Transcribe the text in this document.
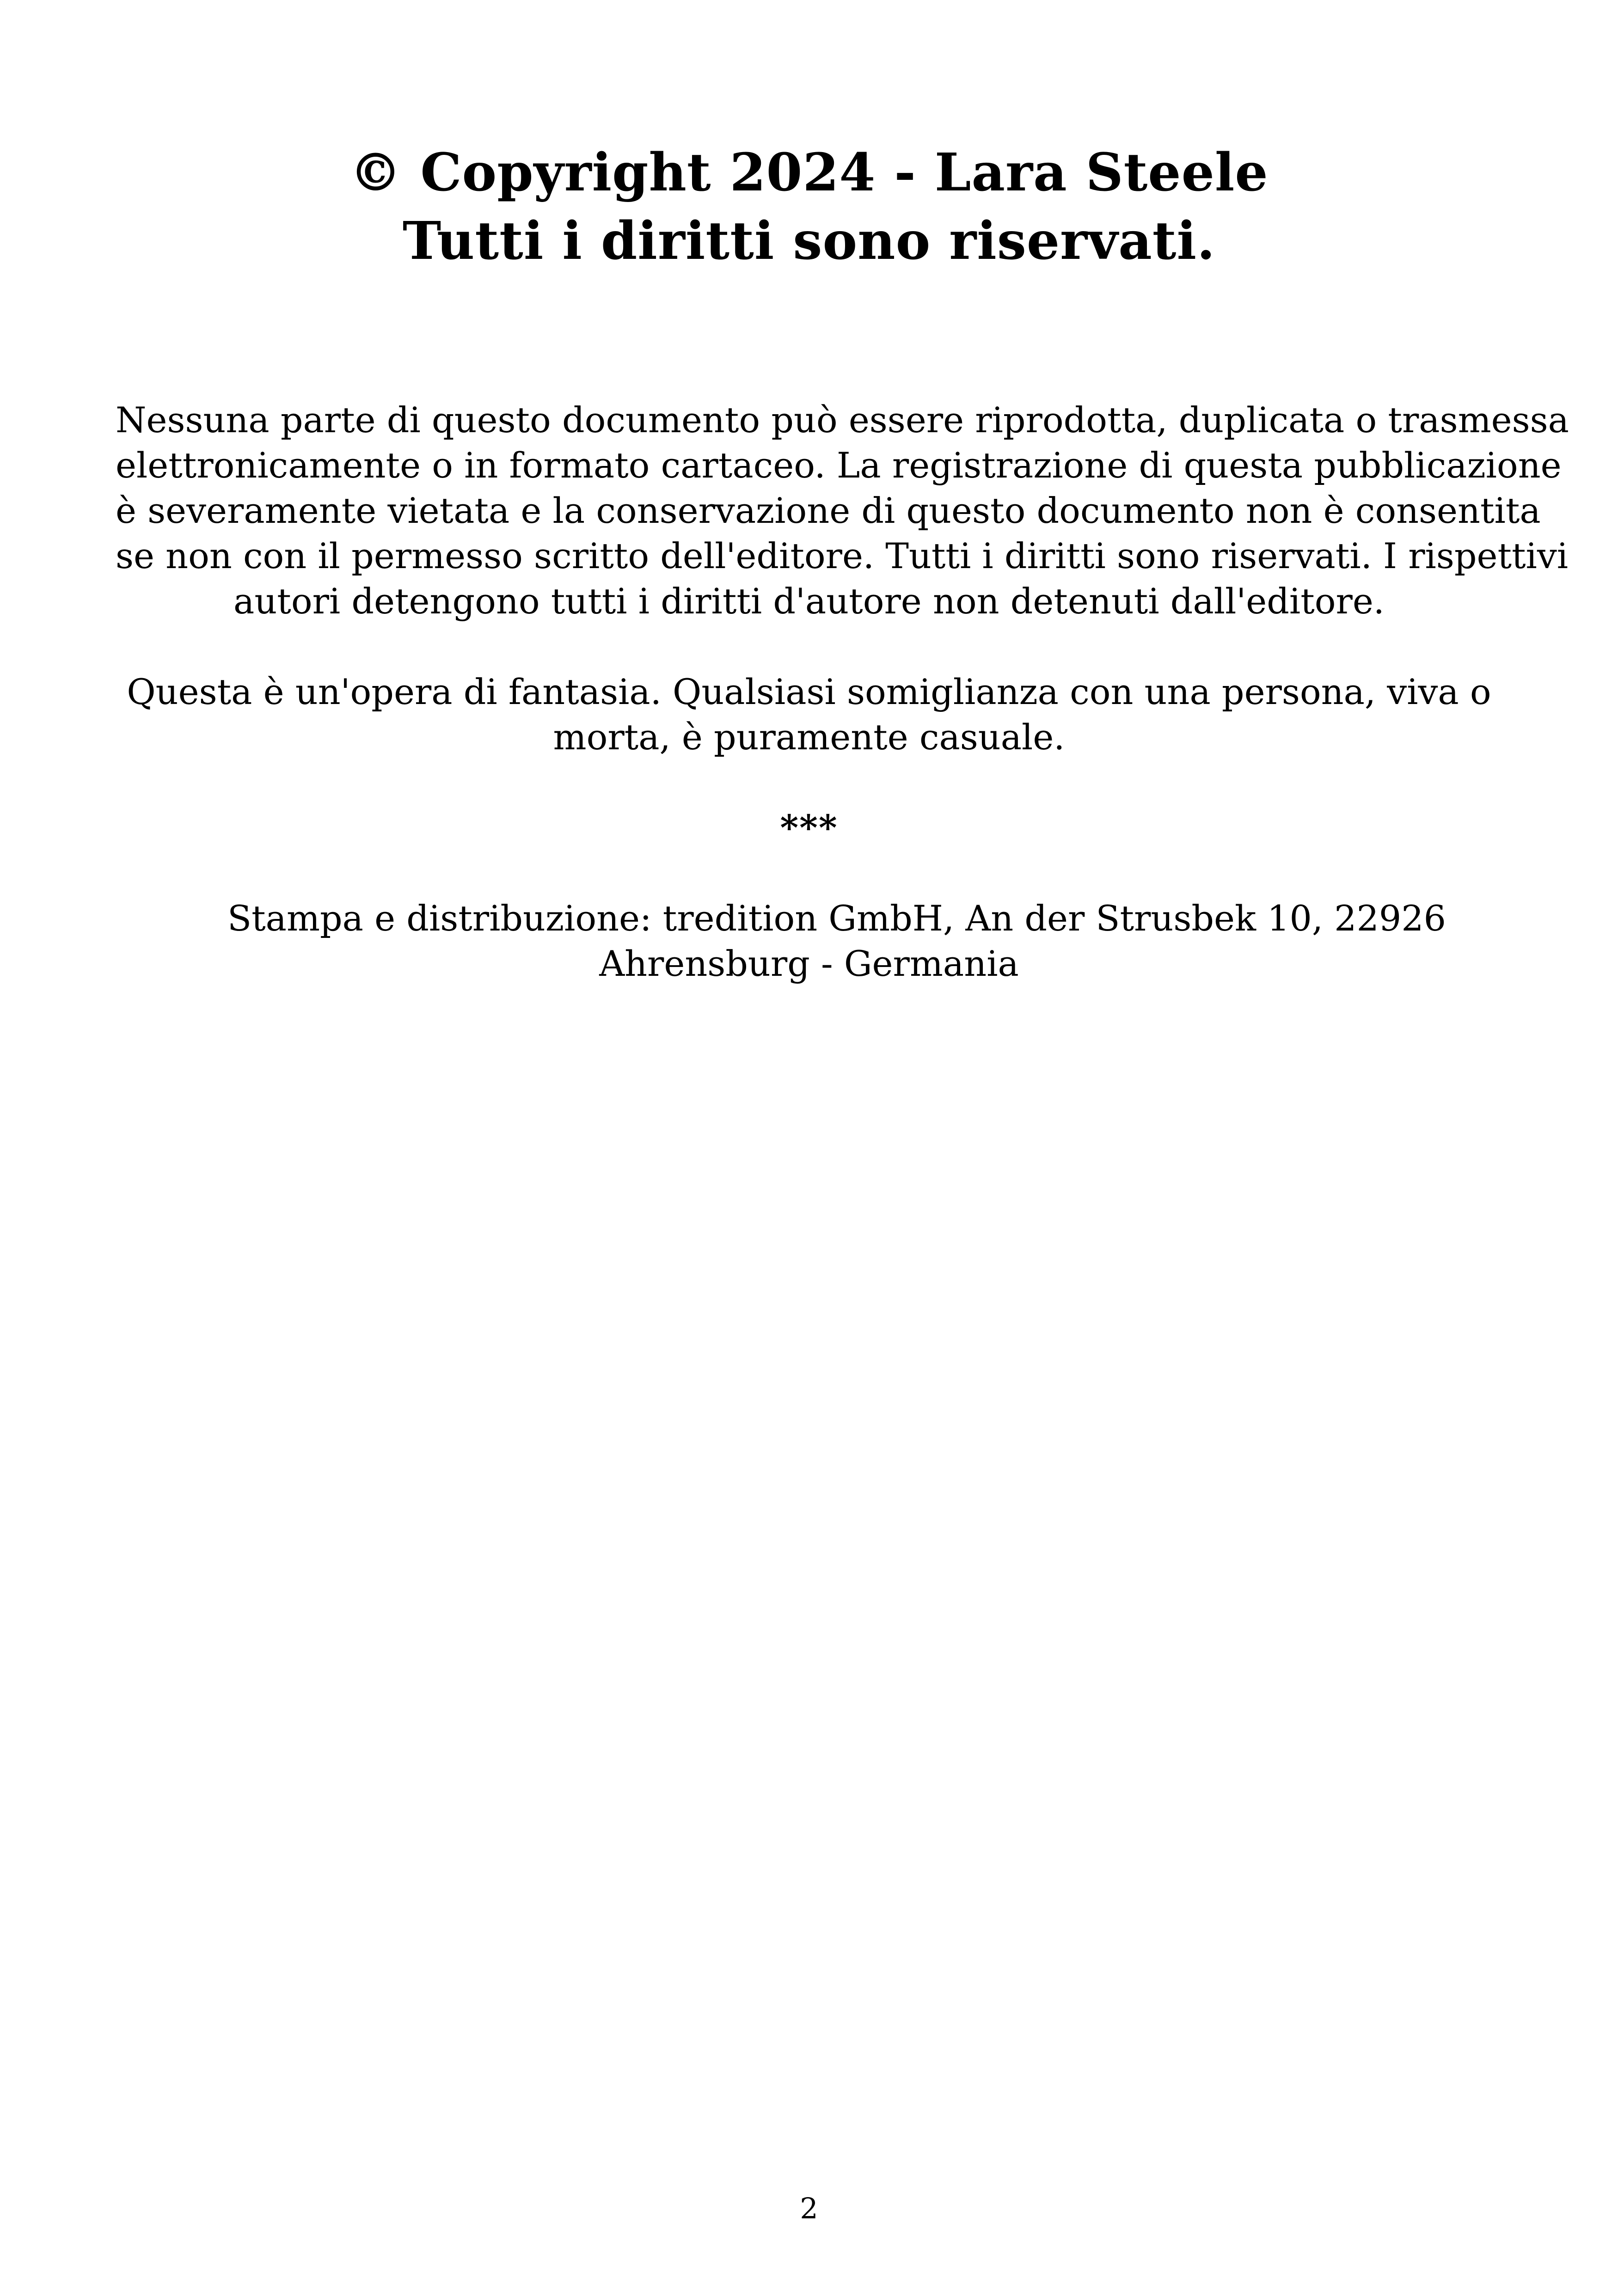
© Copyright 2024 - Lara Steele
Tutti i diritti sono riservati.
Nessuna parte di questo documento può essere riprodotta, duplicata o trasmessa
elettronicamente o in formato cartaceo. La registrazione di questa pubblicazione
è severamente vietata e la conservazione di questo documento non è consentita
se non con il permesso scritto dell'editore. Tutti i diritti sono riservati. I rispettivi
autori detengono tutti i diritti d'autore non detenuti dall'editore.
Questa è un'opera di fantasia. Qualsiasi somiglianza con una persona, viva o
morta, è puramente casuale.
***
Stampa e distribuzione: tredition GmbH, An der Strusbek 10, 22926
Ahrensburg - Germania
2
